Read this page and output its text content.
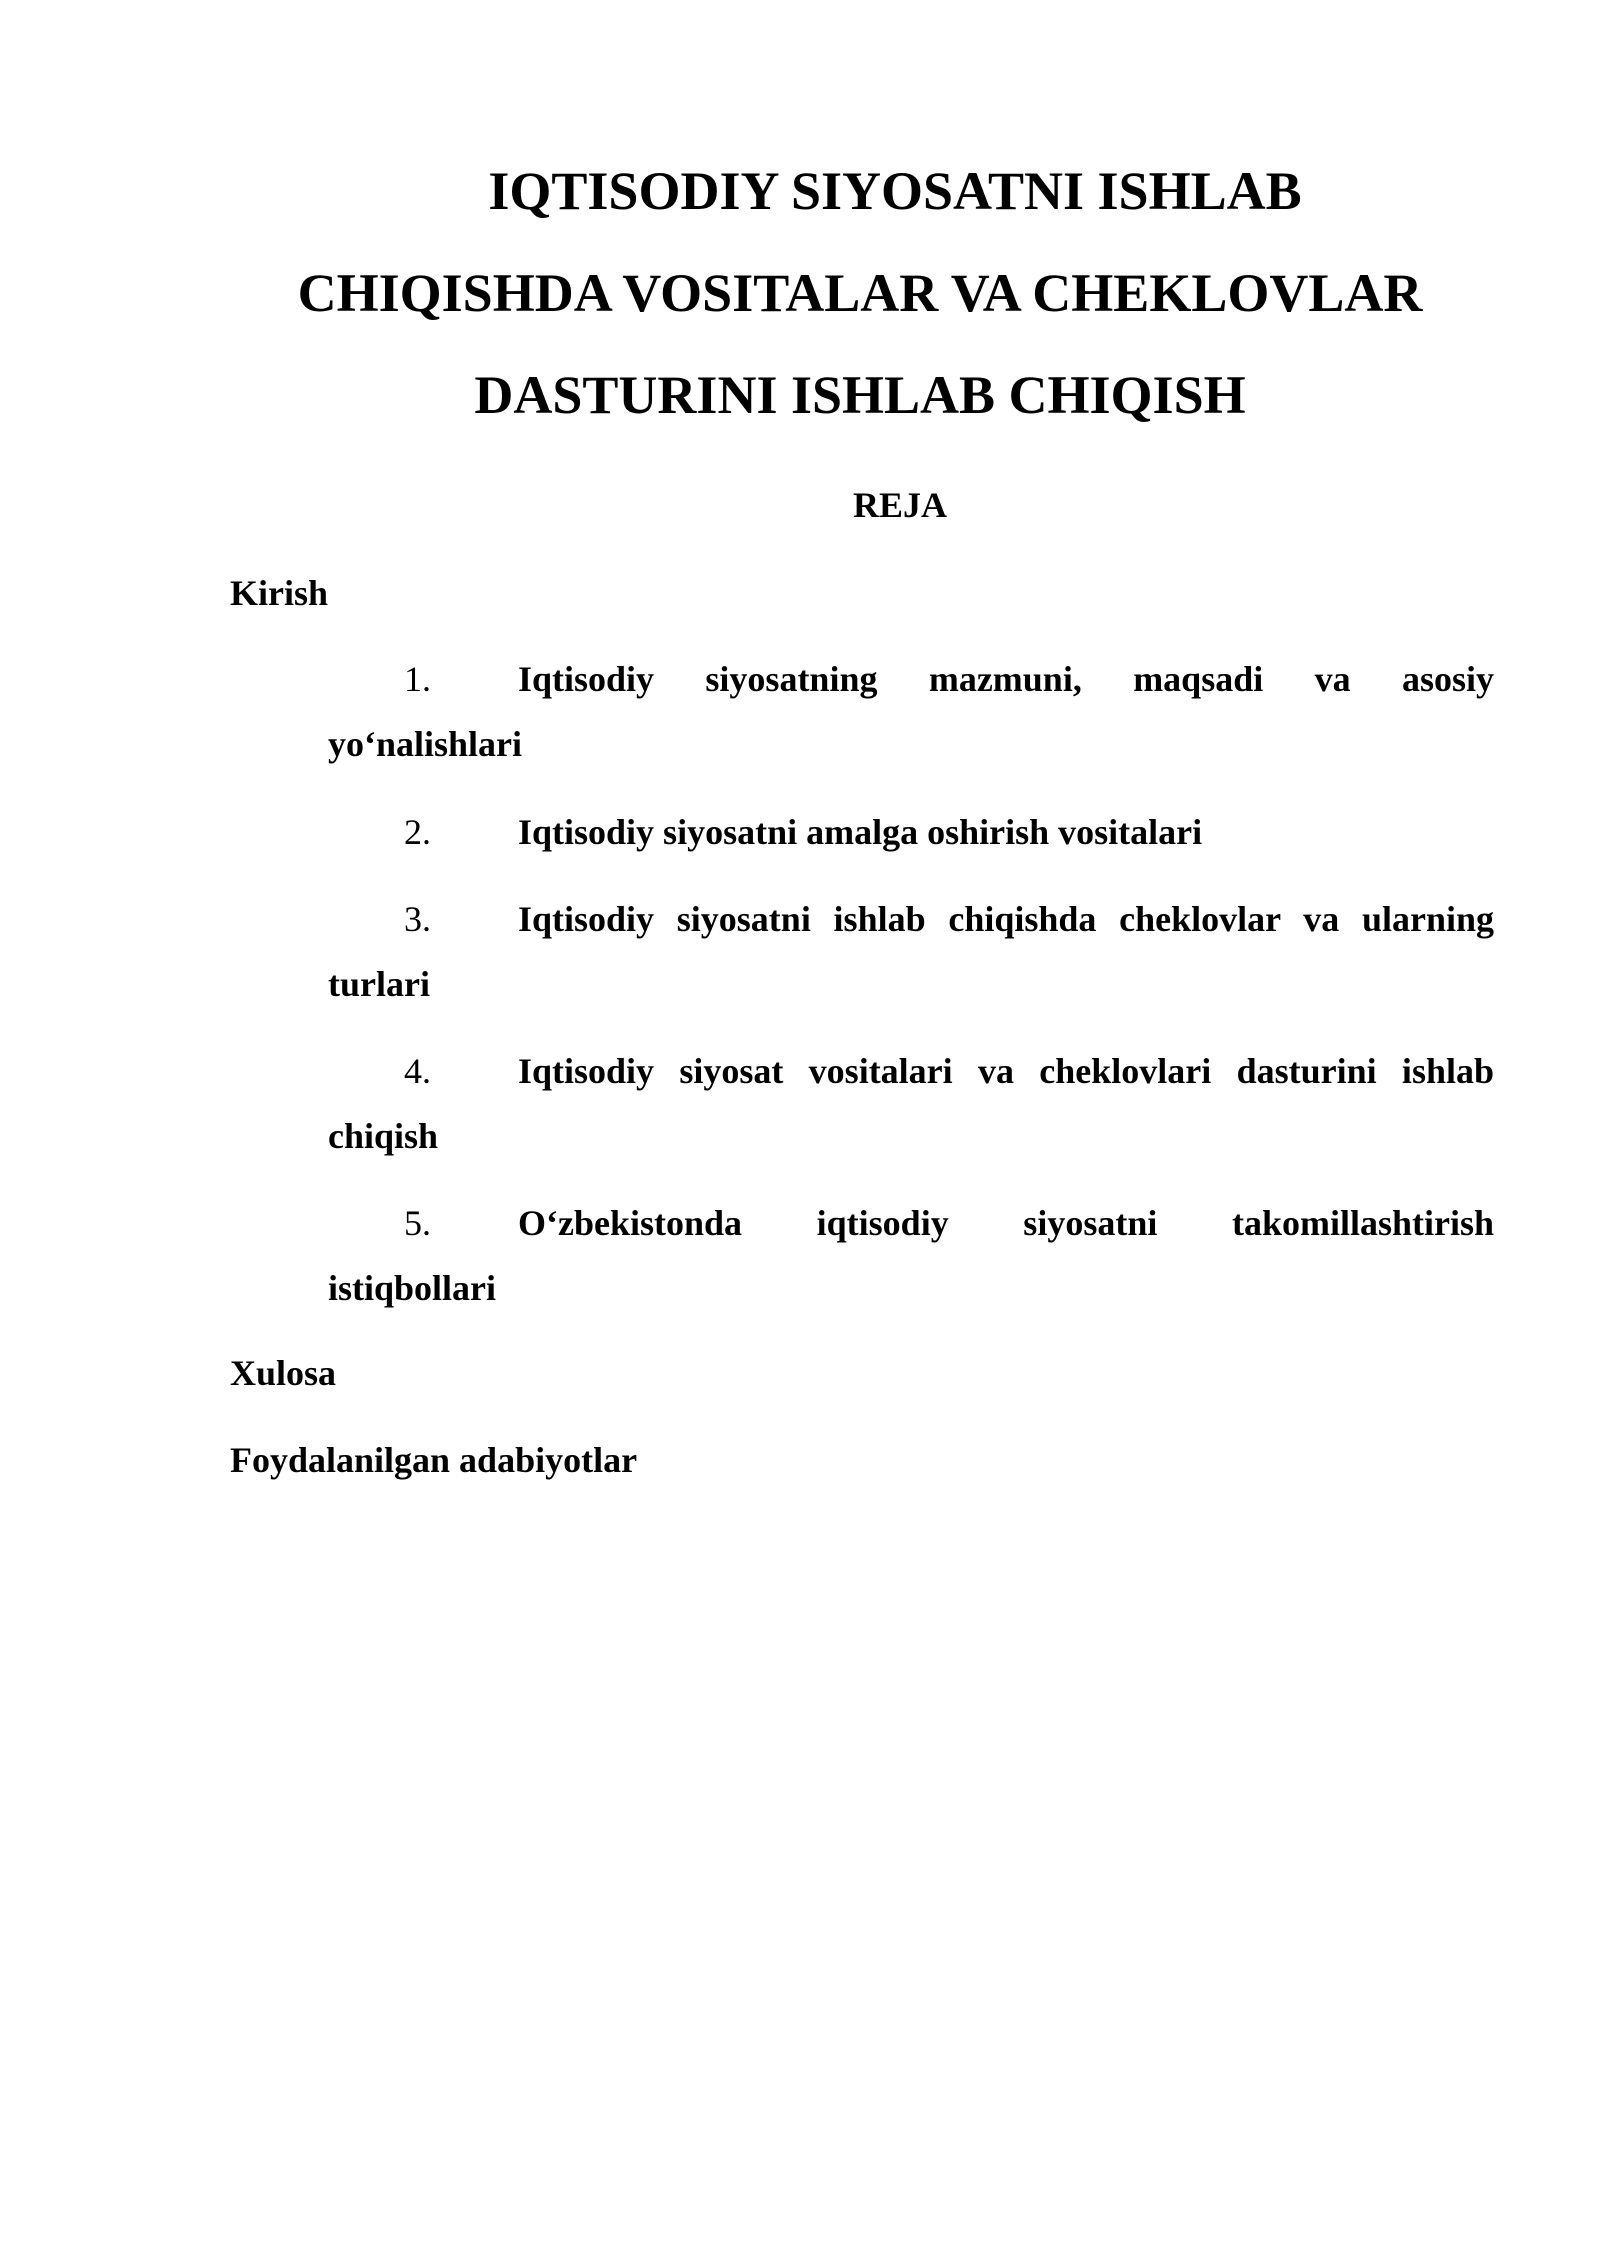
IQTISODIY SIYOSATNI ISHLAB
CHIQISHDA VOSITALAR VA CHEKLOVLAR
DASTURINI ISHLAB CHIQISH
REJA
Kirish
1. Iqtisodiy siyosatning mazmuni, maqsadi va asosiy
yo‘nalishlari
2. Iqtisodiy siyosatni amalga oshirish vositalari
3. Iqtisodiy siyosatni ishlab chiqishda cheklovlar va ularning
turlari
4. Iqtisodiy siyosat vositalari va cheklovlari dasturini ishlab
chiqish
5. O‘zbekistonda iqtisodiy siyosatni takomillashtirish
istiqbollari
Xulosa
Foydalanilgan adabiyotlar
